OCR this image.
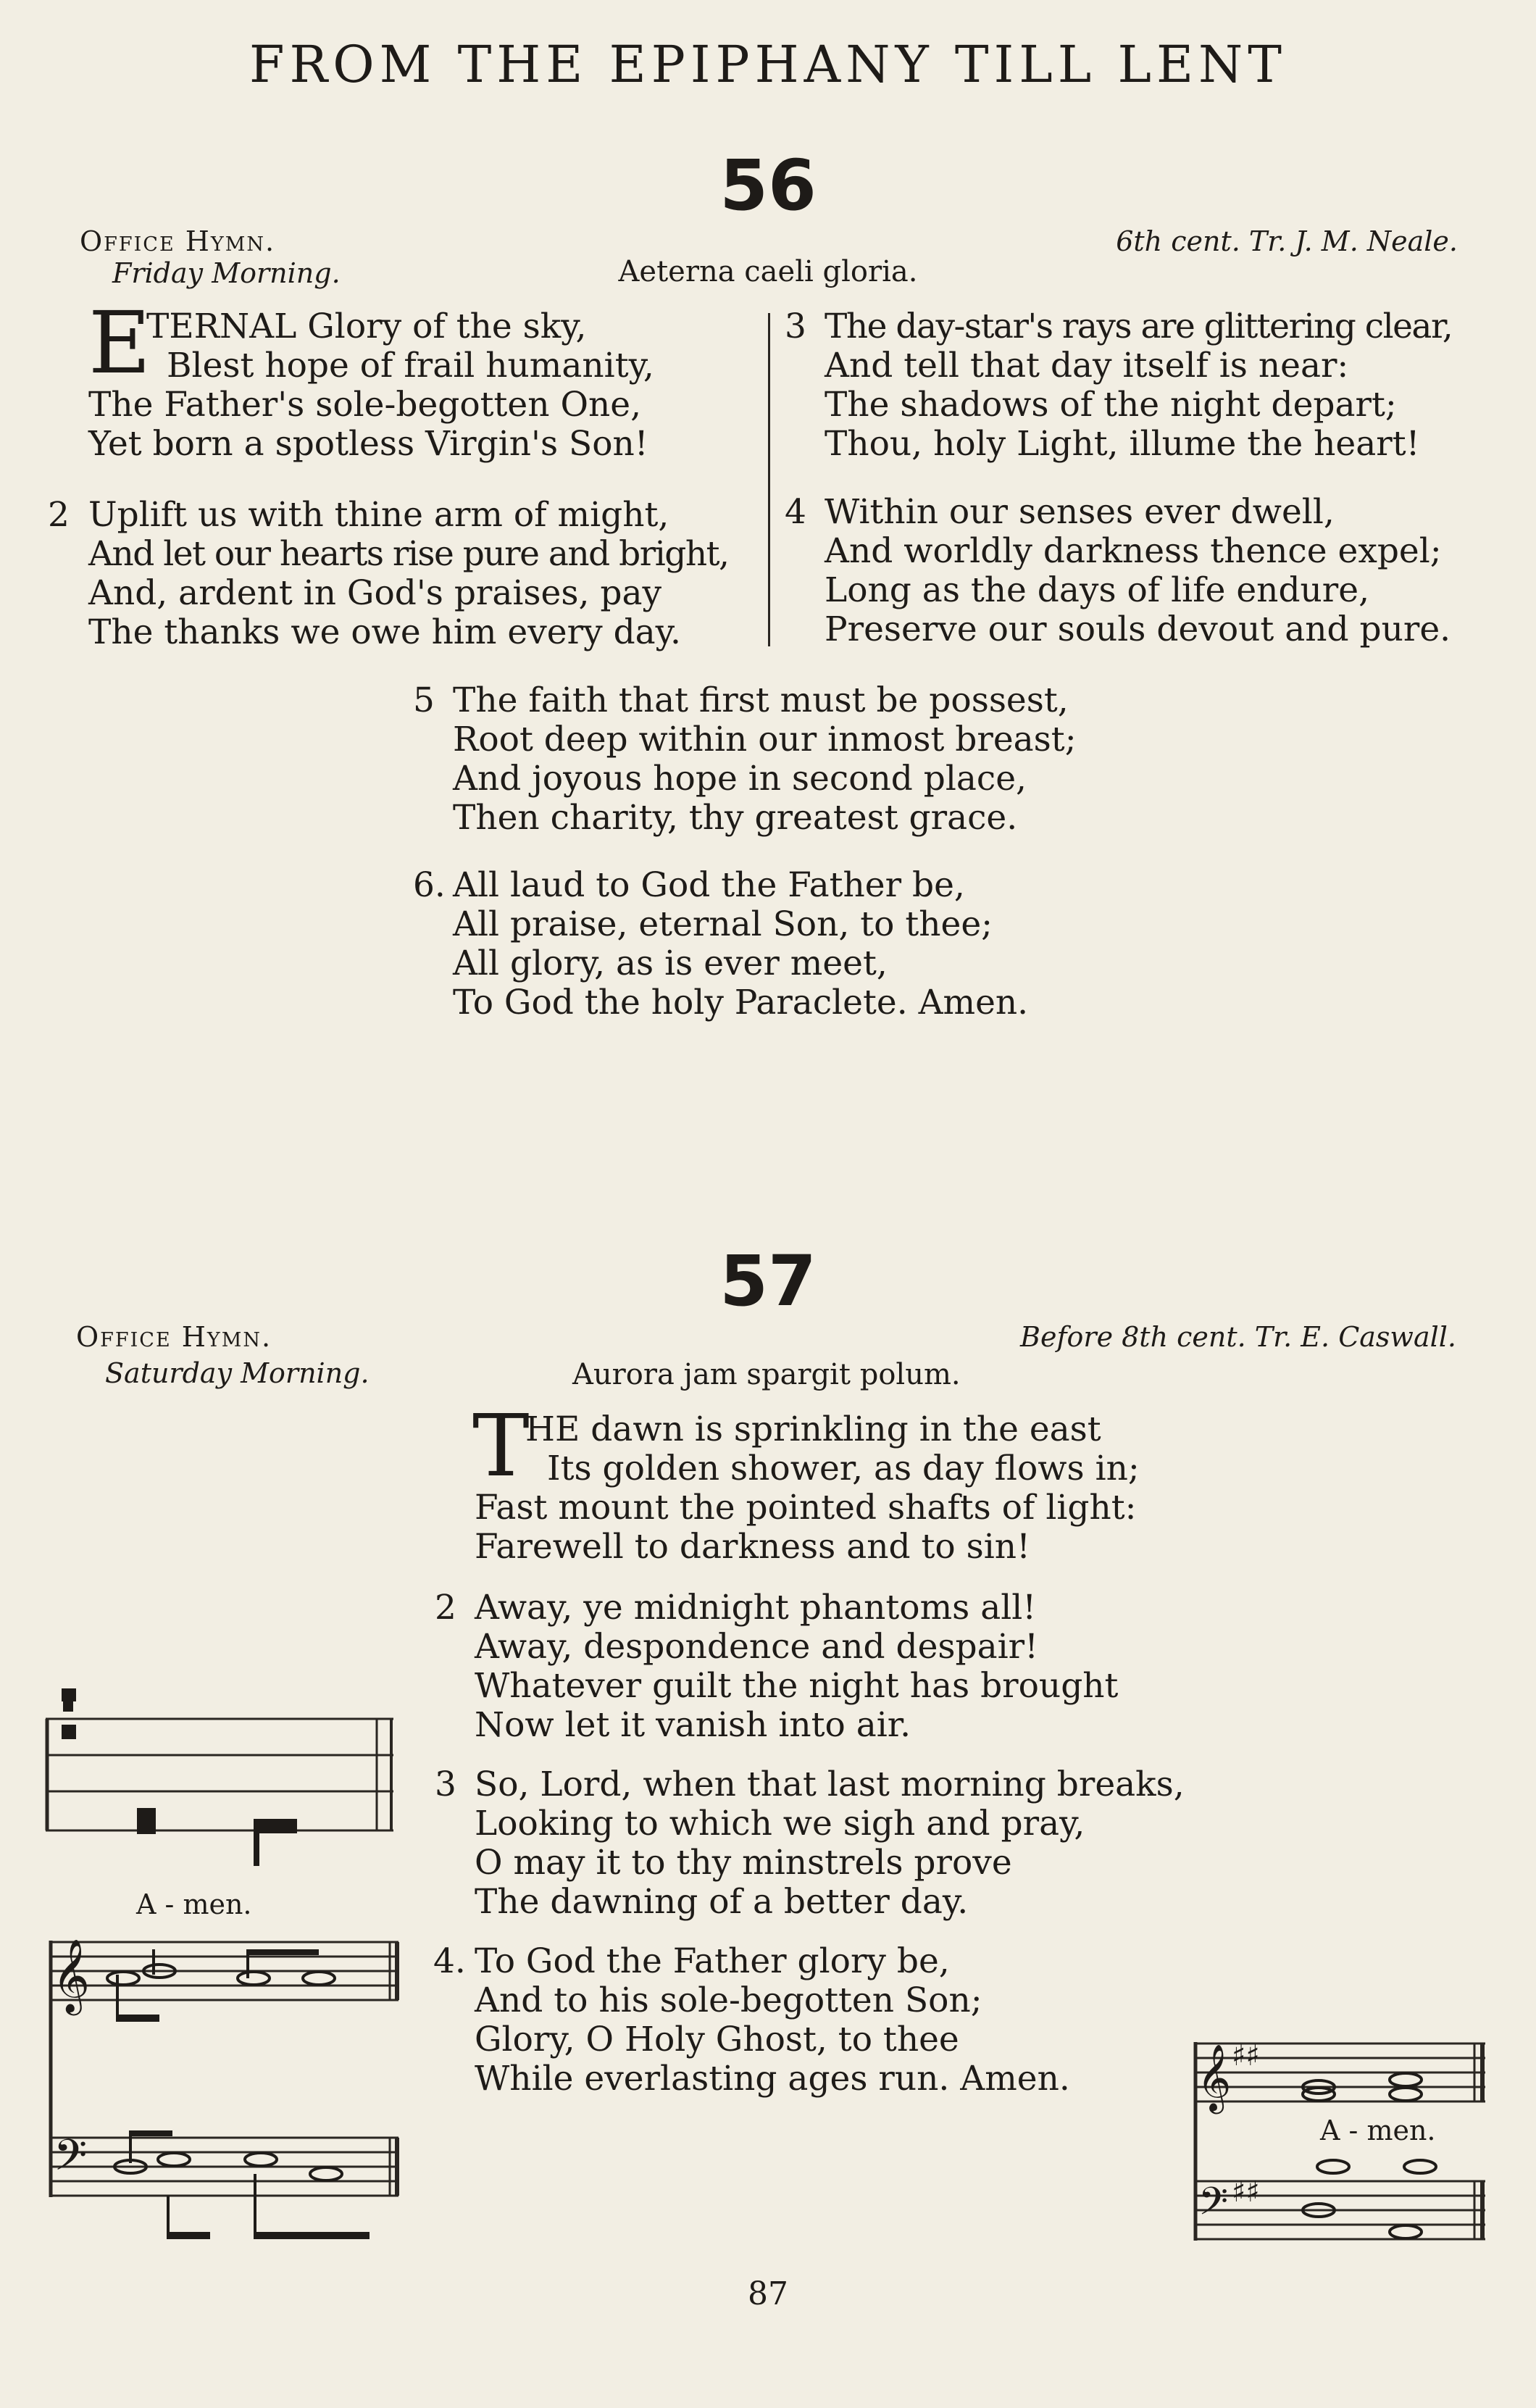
FROM THE EPIPHANY TILL LENT
56
Office Hymn.
Friday Morning.	Aeterna caeli gloria.
6th cent. Tr. J. M. Neale.
E
TERNAL Glory of the sky,
Blest hope of frail humanity,
The Father's sole-begotten One,
Yet born a spotless Virgin's Son!
2 Uplift us with thine arm of might,
And let our hearts rise pure and bright,
And, ardent in God's praises, pay
The thanks we owe him every day.
3 The day-star's rays are glittering clear,
And tell that day itself is near:
The shadows of the night depart;
Thou, holy Light, illume the heart!
4 Within our senses ever dwell,
And worldly darkness thence expel;
Long as the days of life endure,
Preserve our souls devout and pure.
5 The faith that first must be possest,
Root deep within our inmost breast;
And joyous hope in second place,
Then charity, thy greatest grace.
6. All laud to God the Father be,
All praise, eternal Son, to thee;
All glory, as is ever meet,
To God the holy Paraclete. Amen.
57
Office Hymn.
Saturday Morning.	Aurora jam spargit polum.
Before 8th cent. Tr. E. Caswall.
T
HE dawn is sprinkling in the east
Its golden shower, as day flows in;
Fast mount the pointed shafts of light:
Farewell to darkness and to sin!
2 Away, ye midnight phantoms all!
Away, despondence and despair!
Whatever guilt the night has brought
Now let it vanish into air.
3 So, Lord, when that last morning breaks,
Looking to which we sigh and pray,
O may it to thy minstrels prove
The dawning of a better day.
4. To God the Father glory be,
And to his sole-begotten Son;
Glory, O Holy Ghost, to thee
While everlasting ages run. Amen.
A - men.
𝄞
𝄢
𝄞 ♯♯
𝄢 ♯♯
A - men.
87
